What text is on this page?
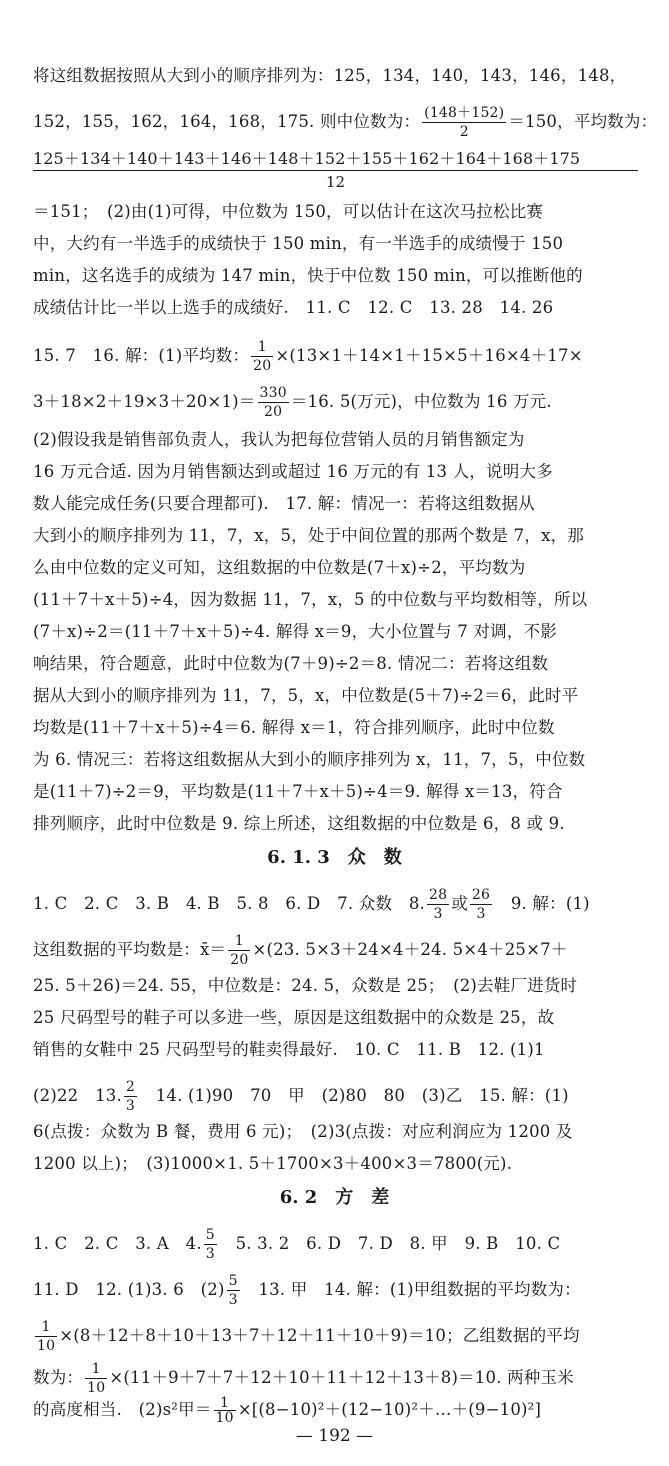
将这组数据按照从大到小的顺序排列为：125，134，140，143，146，148，
152，155，162，164，168，175. 则中位数为： $\frac{(148+152)}{2} =150$，平均数为：
125＋134＋140＋143＋146＋148＋152＋155＋162＋164＋168＋175
12
＝151；　(2)由(1)可得，中位数为 150，可以估计在这次马拉松比赛
中，大约有一半选手的成绩快于 150 min，有一半选手的成绩慢于 150
min，这名选手的成绩为 147 min，快于中位数 150 min，可以推断他的
成绩估计比一半以上选手的成绩好.　11. C　12. C　13. 28　14. 26
15. 7　16. 解：(1)平均数： $\frac{1}{20} \times(13\times 1+14\times 1+15\times 5+16\times 4+17\times$
$3+18\times 2+19\times 3+20\times 1)= \frac{330}{20} =16$. 5(万元)，中位数为 16 万元.
(2)假设我是销售部负责人，我认为把每位营销人员的月销售额定为
16 万元合适. 因为月销售额达到或超过 16 万元的有 13 人，说明大多
数人能完成任务(只要合理都可).　17. 解：情况一：若将这组数据从
大到小的顺序排列为 11，7，x，5，处于中间位置的那两个数是 7，x，那
么由中位数的定义可知，这组数据的中位数是(7＋x)÷2，平均数为
(11＋7＋x＋5)÷4，因为数据 11，7，x，5 的中位数与平均数相等，所以
(7＋x)÷2＝(11＋7＋x＋5)÷4. 解得 x＝9，大小位置与 7 对调，不影
响结果，符合题意，此时中位数为(7＋9)÷2＝8. 情况二：若将这组数
据从大到小的顺序排列为 11，7，5，x，中位数是(5＋7)÷2＝6，此时平
均数是(11＋7＋x＋5)÷4＝6. 解得 x＝1，符合排列顺序，此时中位数
为 6. 情况三：若将这组数据从大到小的顺序排列为 x，11，7，5，中位数
是(11＋7)÷2＝9，平均数是(11＋7＋x＋5)÷4＝9. 解得 x＝13，符合
排列顺序，此时中位数是 9. 综上所述，这组数据的中位数是 6，8 或 9.
6. 1. 3　众　数
1. C　2. C　3. B　4. B　5. 8　6. D　7. 众数　8. $\frac{28}{3}$ 或 $\frac{26}{3}$ 　9. 解：(1)
这组数据的平均数是：x̄＝ $\frac{1}{20} \times(23$. 5×3＋24×4＋24. 5×4＋25×7＋
25. 5＋26)＝24. 55，中位数是：24. 5，众数是 25；　(2)去鞋厂进货时
25 尺码型号的鞋子可以多进一些，原因是这组数据中的众数是 25，故
销售的女鞋中 25 尺码型号的鞋卖得最好.　10. C　11. B　12. (1)1
(2)22　13. $\frac{2}{3}$ 　14. (1)90　70　甲　(2)80　80　(3)乙　15. 解：(1)
6(点拨：众数为 B 餐，费用 6 元)；　(2)3(点拨：对应利润应为 1200 及
1200 以上)；　(3)1000×1. 5＋1700×3＋400×3＝7800(元).
6. 2　方　差
1. C　2. C　3. A　4. $\frac{5}{3}$ 　5. 3. 2　6. D　7. D　8. 甲　9. B　10. C
11. D　12. (1)3. 6　$(2) \frac{5}{3}$ 　13. 甲　14. 解：(1)甲组数据的平均数为：
$\frac{1}{10} \times(8+12+8+10+13+7+12+11+10+9)=10$；乙组数据的平均
数为： $\frac{1}{10} \times(11+9+7+7+12+10+11+12+13+8)=10$. 两种玉米
的高度相当.　(2)s²甲＝ $\frac{1}{10}$ ×[(8−10)²＋(12−10)²＋…＋(9−10)²]
— 192 —
